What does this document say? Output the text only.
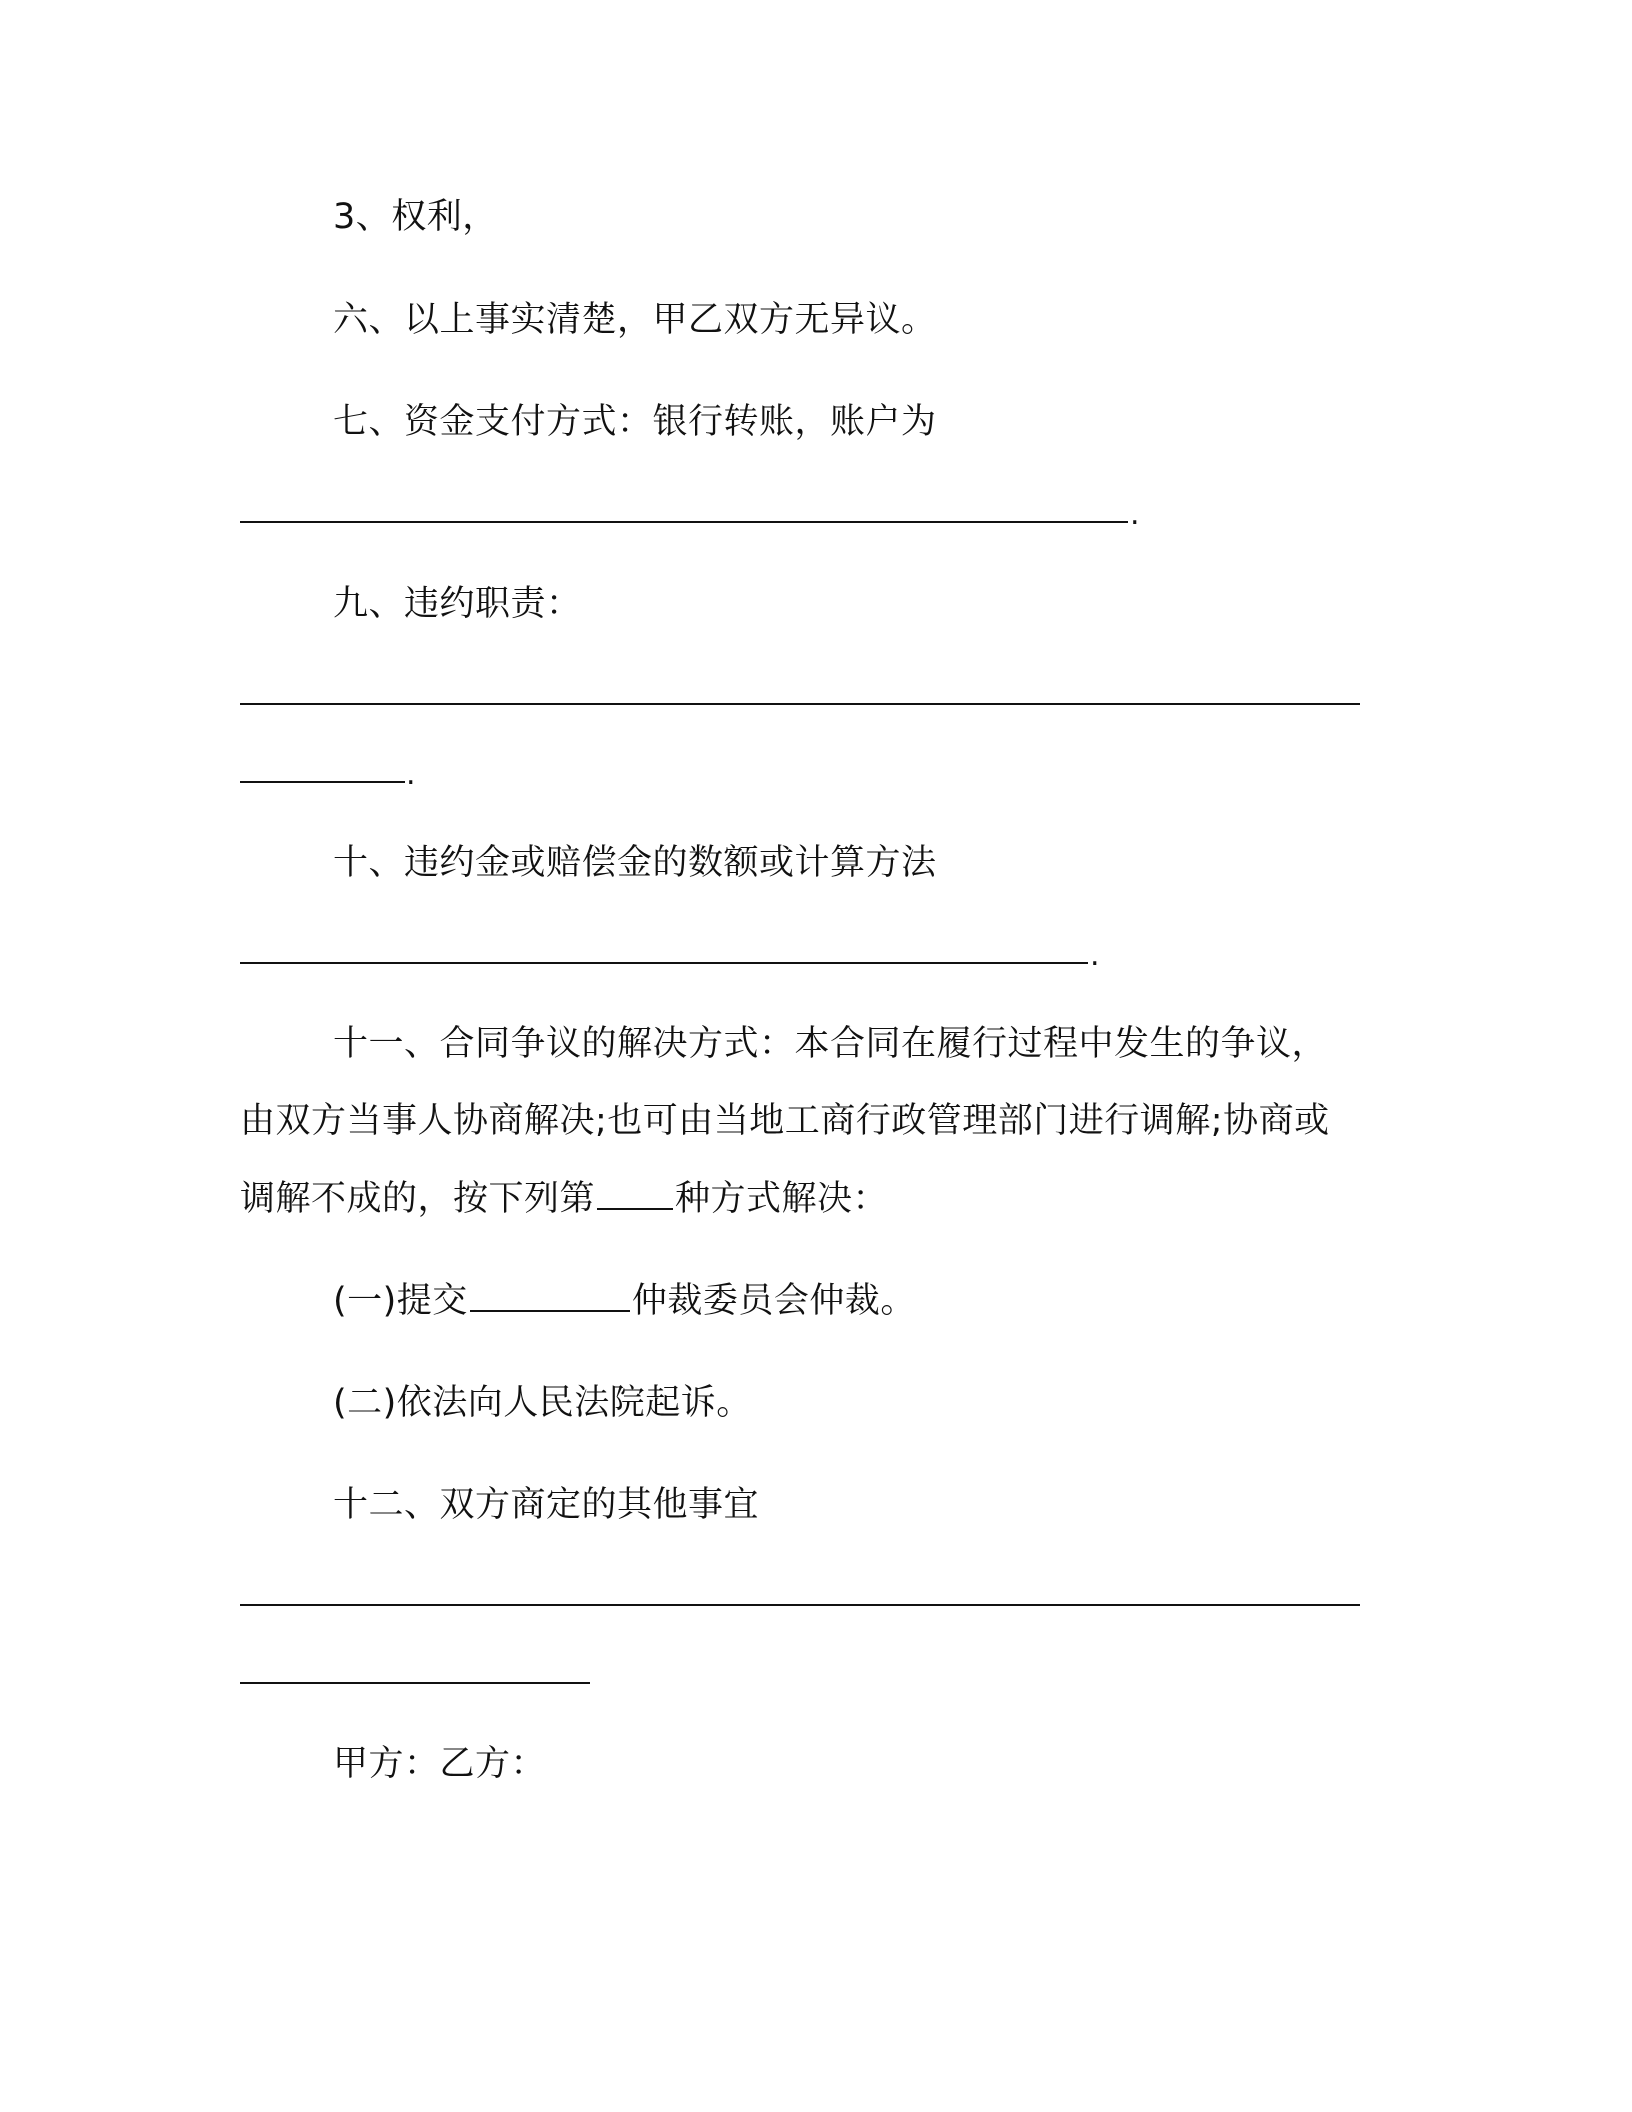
3、权利，
六、以上事实清楚，甲乙双方无异议。
七、资金支付方式：银行转账，账户为
.
九、违约职责：
.
十、违约金或赔偿金的数额或计算方法
.
十一、合同争议的解决方式：本合同在履行过程中发生的争议，
由双方当事人协商解决;也可由当地工商行政管理部门进行调解;协商或
调解不成的，按下列第 种方式解决：
(一)提交	仲裁委员会仲裁。
(二)依法向人民法院起诉。
十二、双方商定的其他事宜
甲方：乙方：
